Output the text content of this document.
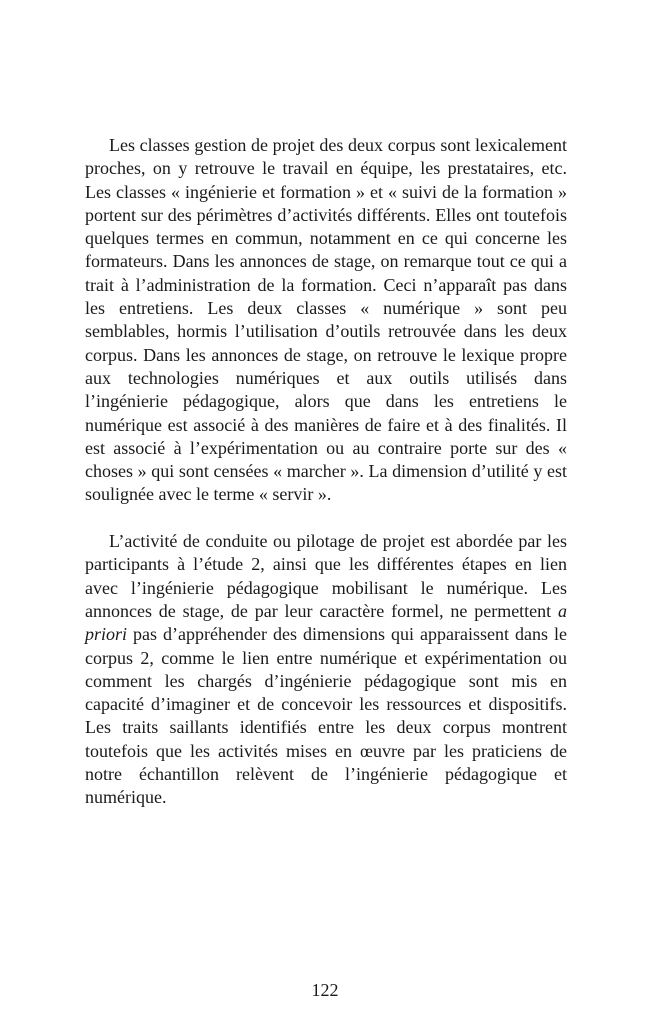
Les classes gestion de projet des deux corpus sont lexicalement proches, on y retrouve le travail en équipe, les prestataires, etc. Les classes « ingénierie et formation » et « suivi de la formation » portent sur des périmètres d’activités différents. Elles ont toutefois quelques termes en commun, notamment en ce qui concerne les formateurs. Dans les annonces de stage, on remarque tout ce qui a trait à l’administration de la formation. Ceci n’apparaît pas dans les entretiens. Les deux classes « numérique » sont peu semblables, hormis l’utilisation d’outils retrouvée dans les deux corpus. Dans les annonces de stage, on retrouve le lexique propre aux technologies numériques et aux outils utilisés dans l’ingénierie pédagogique, alors que dans les entretiens le numérique est associé à des manières de faire et à des finalités. Il est associé à l’expérimentation ou au contraire porte sur des « choses » qui sont censées « marcher ». La dimension d’utilité y est soulignée avec le terme « servir ».

L’activité de conduite ou pilotage de projet est abordée par les participants à l’étude 2, ainsi que les différentes étapes en lien avec l’ingénierie pédagogique mobilisant le numérique. Les annonces de stage, de par leur caractère formel, ne permettent a priori pas d’appréhender des dimensions qui apparaissent dans le corpus 2, comme le lien entre numérique et expérimentation ou comment les chargés d’ingénierie pédagogique sont mis en capacité d’imaginer et de concevoir les ressources et dispositifs. Les traits saillants identifiés entre les deux corpus montrent toutefois que les activités mises en œuvre par les praticiens de notre échantillon relèvent de l’ingénierie pédagogique et numérique.

122
